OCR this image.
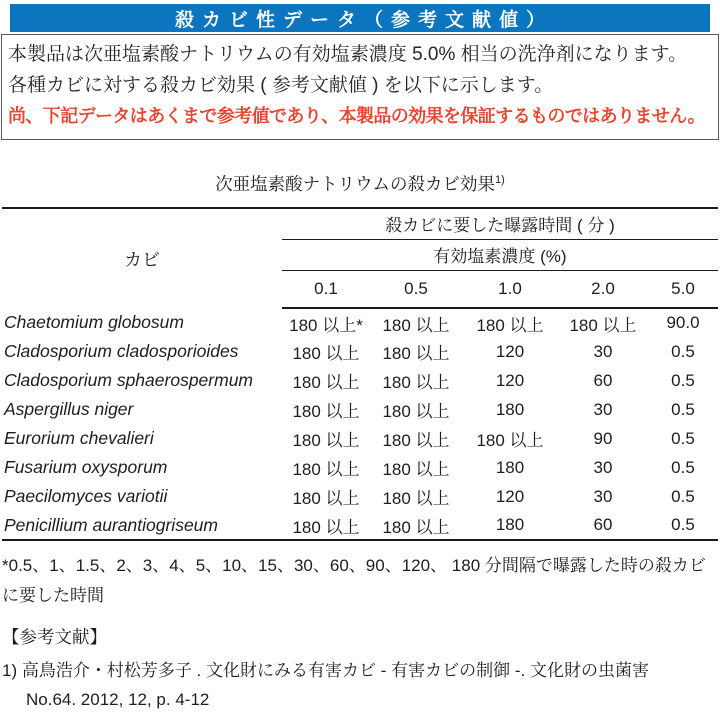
殺カビ性データ（参考文献値）
本製品は次亜塩素酸ナトリウムの有効塩素濃度 5.0% 相当の洗浄剤になります。
各種カビに対する殺カビ効果 ( 参考文献値 ) を以下に示します。
尚、下記データはあくまで参考値であり、本製品の効果を保証するものではありません。
次亜塩素酸ナトリウムの殺カビ効果$^{1)}$
カビ	殺カビに要した曝露時間 ( 分 )				
	有効塩素濃度 (%)				
	0.1	0.5	1.0	2.0	5.0
Chaetomium globosum	180 以上*	180 以上	180 以上	180 以上	90.0
Cladosporium cladosporioides	180 以上	180 以上	120	30	0.5
Cladosporium sphaerospermum	180 以上	180 以上	120	60	0.5
Aspergillus niger	180 以上	180 以上	180	30	0.5
Eurorium chevalieri	180 以上	180 以上	180 以上	90	0.5
Fusarium oxysporum	180 以上	180 以上	180	30	0.5
Paecilomyces variotii	180 以上	180 以上	120	30	0.5
Penicillium aurantiogriseum	180 以上	180 以上	180	60	0.5
*0.5、1、1.5、2、3、4、5、10、15、30、60、90、120、 180 分間隔で曝露した時の殺カビに要した時間
【参考文献】
1) 高鳥浩介・村松芳多子 . 文化財にみる有害カビ - 有害カビの制御 -. 文化財の虫菌害
No.64. 2012, 12, p. 4-12
